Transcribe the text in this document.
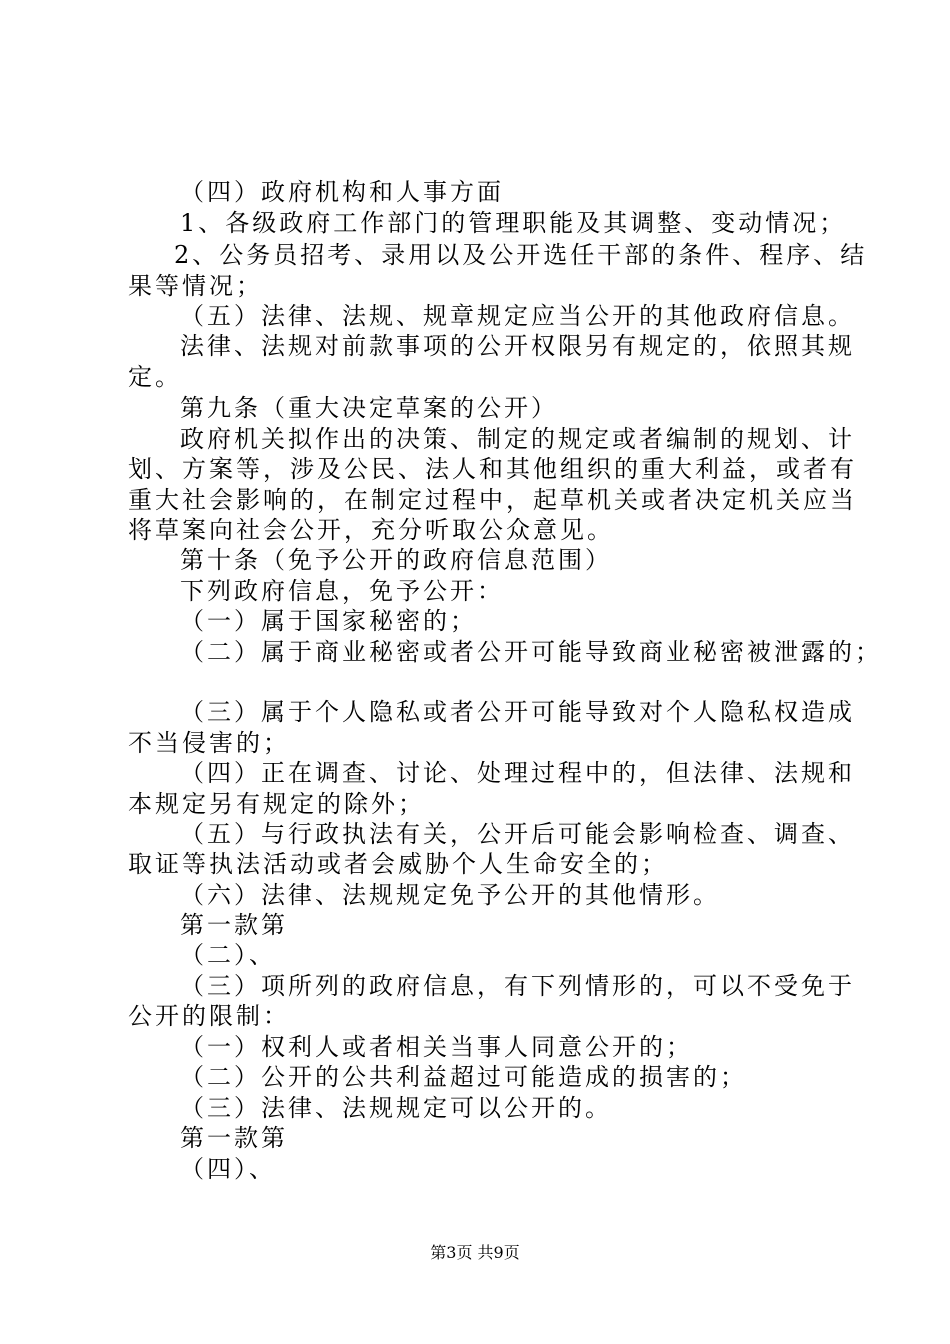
（四）政府机构和人事方面
1、各级政府工作部门的管理职能及其调整、变动情况；
2、公务员招考、录用以及公开选任干部的条件、程序、结
果等情况；
（五）法律、法规、规章规定应当公开的其他政府信息。
法律、法规对前款事项的公开权限另有规定的，依照其规
定。
第九条（重大决定草案的公开）
政府机关拟作出的决策、制定的规定或者编制的规划、计
划、方案等，涉及公民、法人和其他组织的重大利益，或者有
重大社会影响的，在制定过程中，起草机关或者决定机关应当
将草案向社会公开，充分听取公众意见。
第十条（免予公开的政府信息范围）
下列政府信息，免予公开：
（一）属于国家秘密的；
（二）属于商业秘密或者公开可能导致商业秘密被泄露的；
（三）属于个人隐私或者公开可能导致对个人隐私权造成
不当侵害的；
（四）正在调查、讨论、处理过程中的，但法律、法规和
本规定另有规定的除外；
（五）与行政执法有关，公开后可能会影响检查、调查、
取证等执法活动或者会威胁个人生命安全的；
（六）法律、法规规定免予公开的其他情形。
第一款第
（二）、
（三）项所列的政府信息，有下列情形的，可以不受免于
公开的限制：
（一）权利人或者相关当事人同意公开的；
（二）公开的公共利益超过可能造成的损害的；
（三）法律、法规规定可以公开的。
第一款第
（四）、
第3页 共9页
